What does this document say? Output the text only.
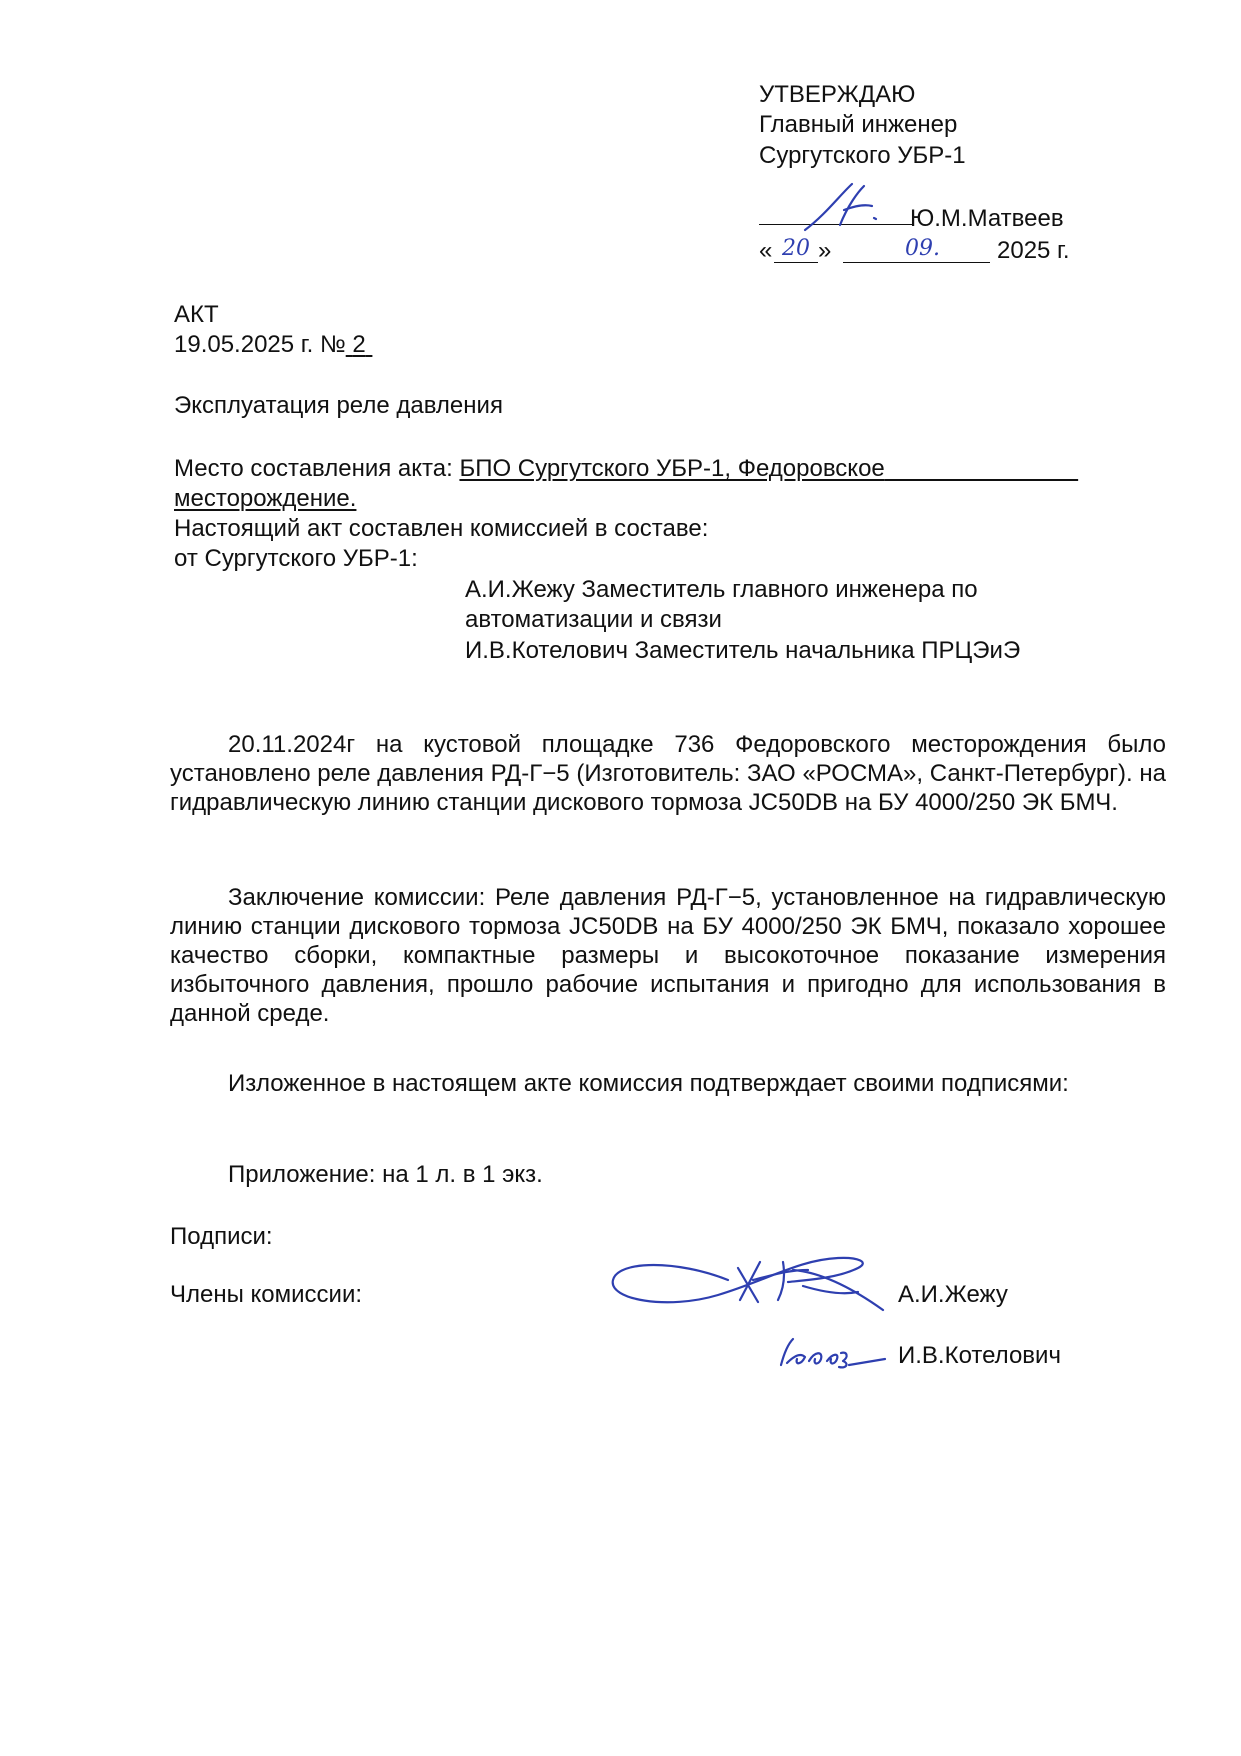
УТВЕРЖДАЮ
Главный инженер
Сургутского УБР-1
Ю.М.Матвеев
« 20 »	09. 2025 г.
АКТ
19.05.2025 г. № 2
Эксплуатация реле давления
Место составления акта: БПО Сургутского УБР-1, Федоровское
месторождение.
Настоящий акт составлен комиссией в составе:
от Сургутского УБР-1:
А.И.Жежу Заместитель главного инженера по
автоматизации и связи
И.В.Котелович Заместитель начальника ПРЦЭиЭ
20.11.2024г на кустовой площадке 736 Федоровского месторождения было установлено реле давления РД-Г−5 (Изготовитель: ЗАО «РОСМА», Санкт-Петербург). на гидравлическую линию станции дискового тормоза JC50DB на БУ 4000/250 ЭК БМЧ.
Заключение комиссии: Реле давления РД-Г−5, установленное на гидравлическую линию станции дискового тормоза JC50DB на БУ 4000/250 ЭК БМЧ, показало хорошее качество сборки, компактные размеры и высокоточное показание измерения избыточного давления, прошло рабочие испытания и пригодно для использования в данной среде.
Изложенное в настоящем акте комиссия подтверждает своими подписями:
Приложение: на 1 л. в 1 экз.
Подписи:
Члены комиссии:	А.И.Жежу
И.В.Котелович
